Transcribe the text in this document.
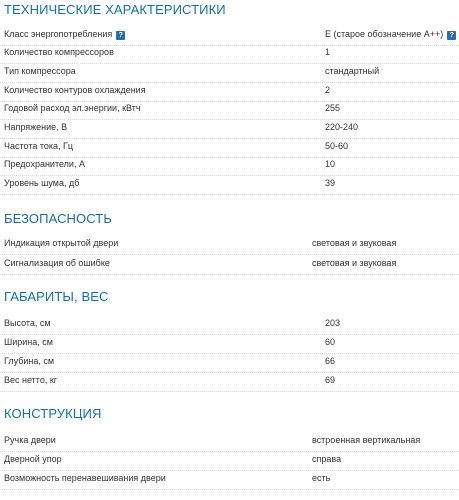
ТЕХНИЧЕСКИЕ ХАРАКТЕРИСТИКИ
Класс энергопотребления ?	E (старое обозначение A++) ?
Количество компрессоров	1
Тип компрессора	стандартный
Количество контуров охлаждения	2
Годовой расход эл.энергии, кВтч	255
Напряжение, В	220-240
Частота тока, Гц	50-60
Предохранители, А	10
Уровень шума, дб	39
БЕЗОПАСНОСТЬ
Индикация открытой двери	световая и звуковая
Сигнализация об ошибке	световая и звуковая
ГАБАРИТЫ, ВЕС
Высота, см	203
Ширина, см	60
Глубина, см	66
Вес нетто, кг	69
КОНСТРУКЦИЯ
Ручка двери	встроенная вертикальная
Дверной упор	справа
Возможность перенавешивания двери	есть
